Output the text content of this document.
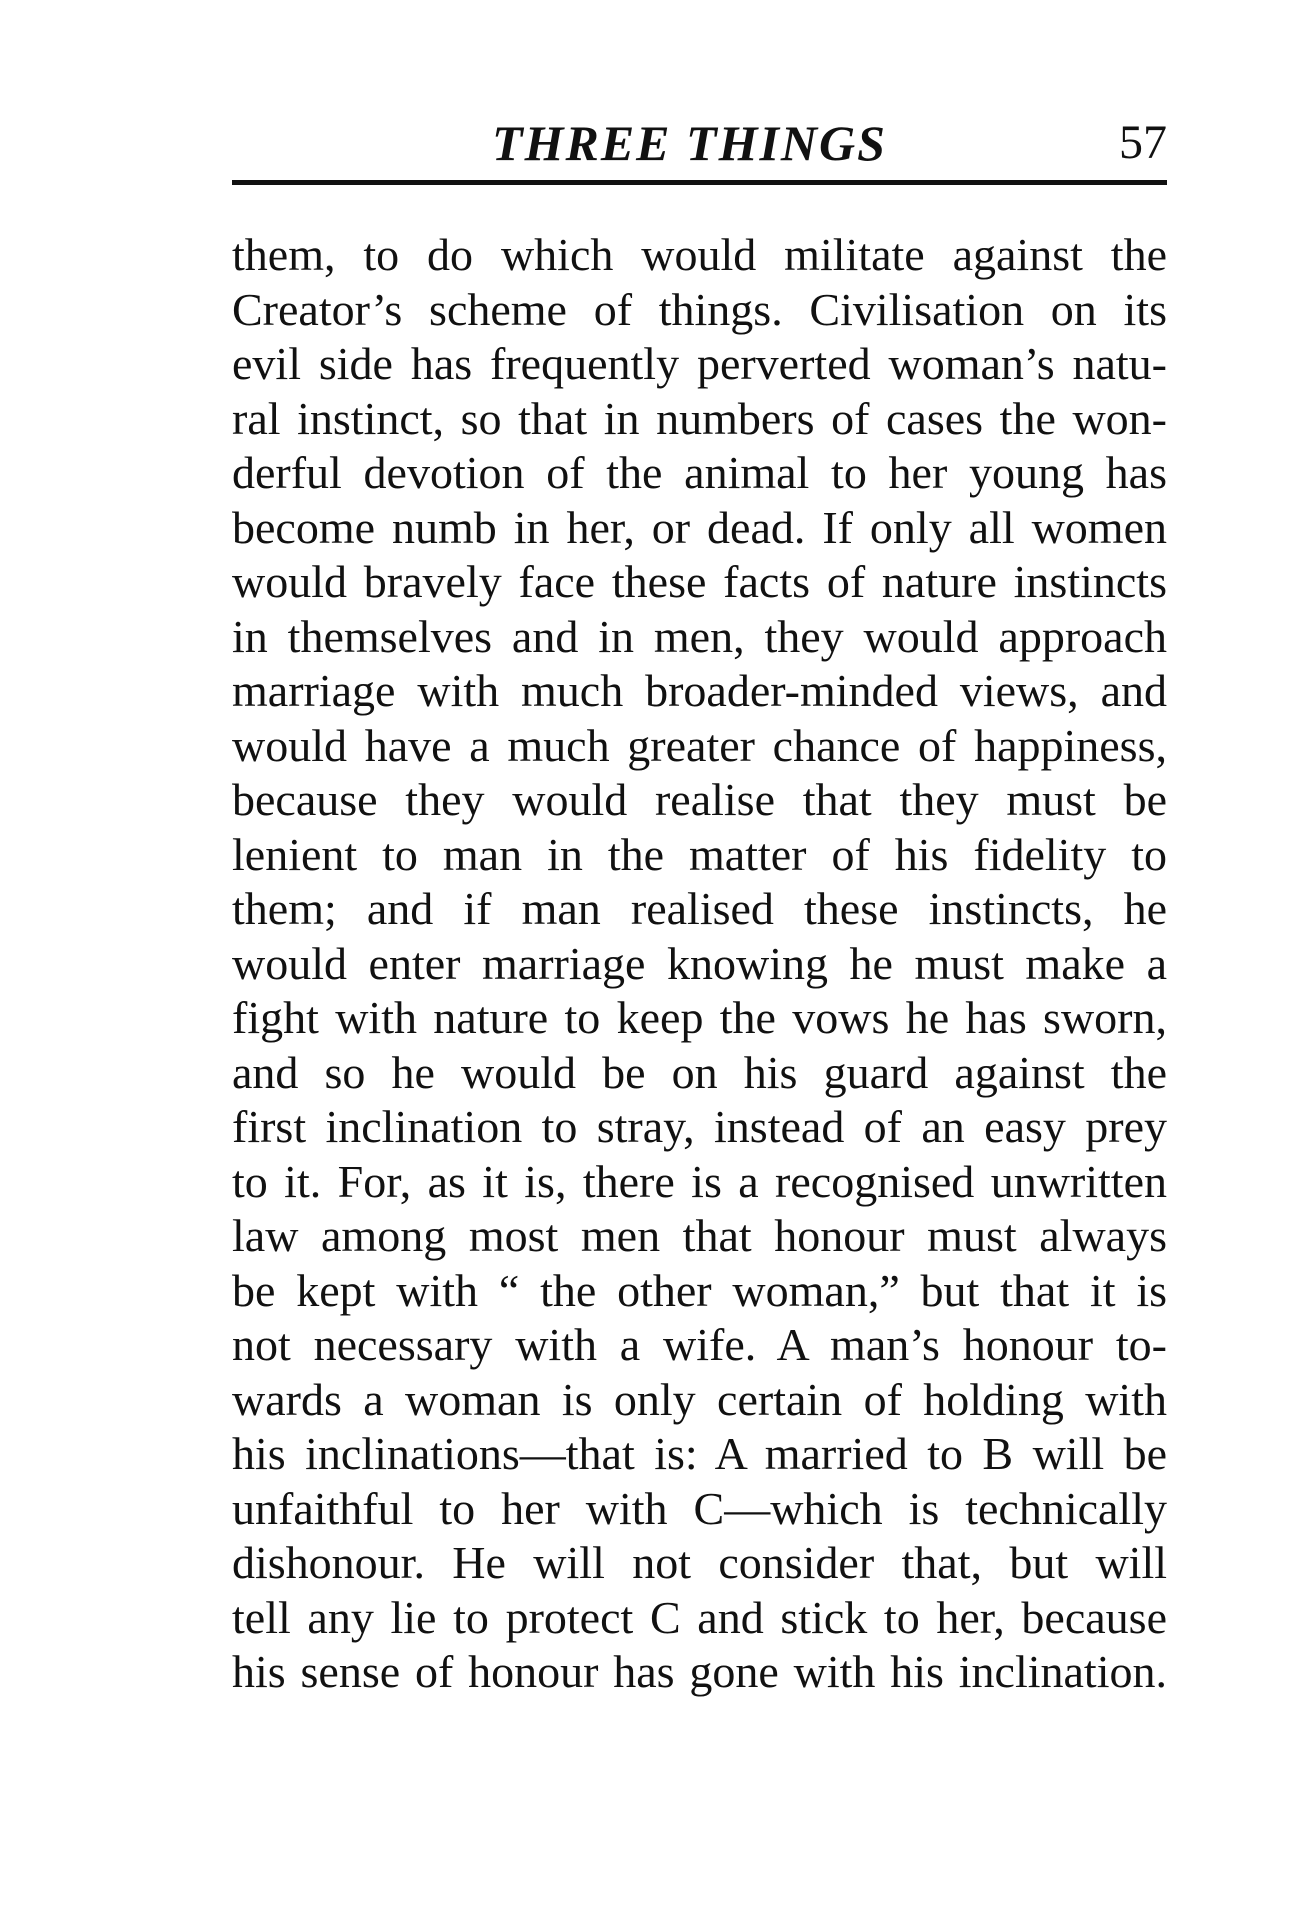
THREE THINGS	57
them, to do which would militate against the
Creator’s scheme of things. Civilisation on its
evil side has frequently perverted woman’s natu-
ral instinct, so that in numbers of cases the won-
derful devotion of the animal to her young has
become numb in her, or dead. If only all women
would bravely face these facts of nature instincts
in themselves and in men, they would approach
marriage with much broader-minded views, and
would have a much greater chance of happiness,
because they would realise that they must be
lenient to man in the matter of his fidelity to
them; and if man realised these instincts, he
would enter marriage knowing he must make a
fight with nature to keep the vows he has sworn,
and so he would be on his guard against the
first inclination to stray, instead of an easy prey
to it. For, as it is, there is a recognised unwritten
law among most men that honour must always
be kept with “ the other woman,” but that it is
not necessary with a wife. A man’s honour to-
wards a woman is only certain of holding with
his inclinations—that is: A married to B will be
unfaithful to her with C—which is technically
dishonour. He will not consider that, but will
tell any lie to protect C and stick to her, because
his sense of honour has gone with his inclination.
